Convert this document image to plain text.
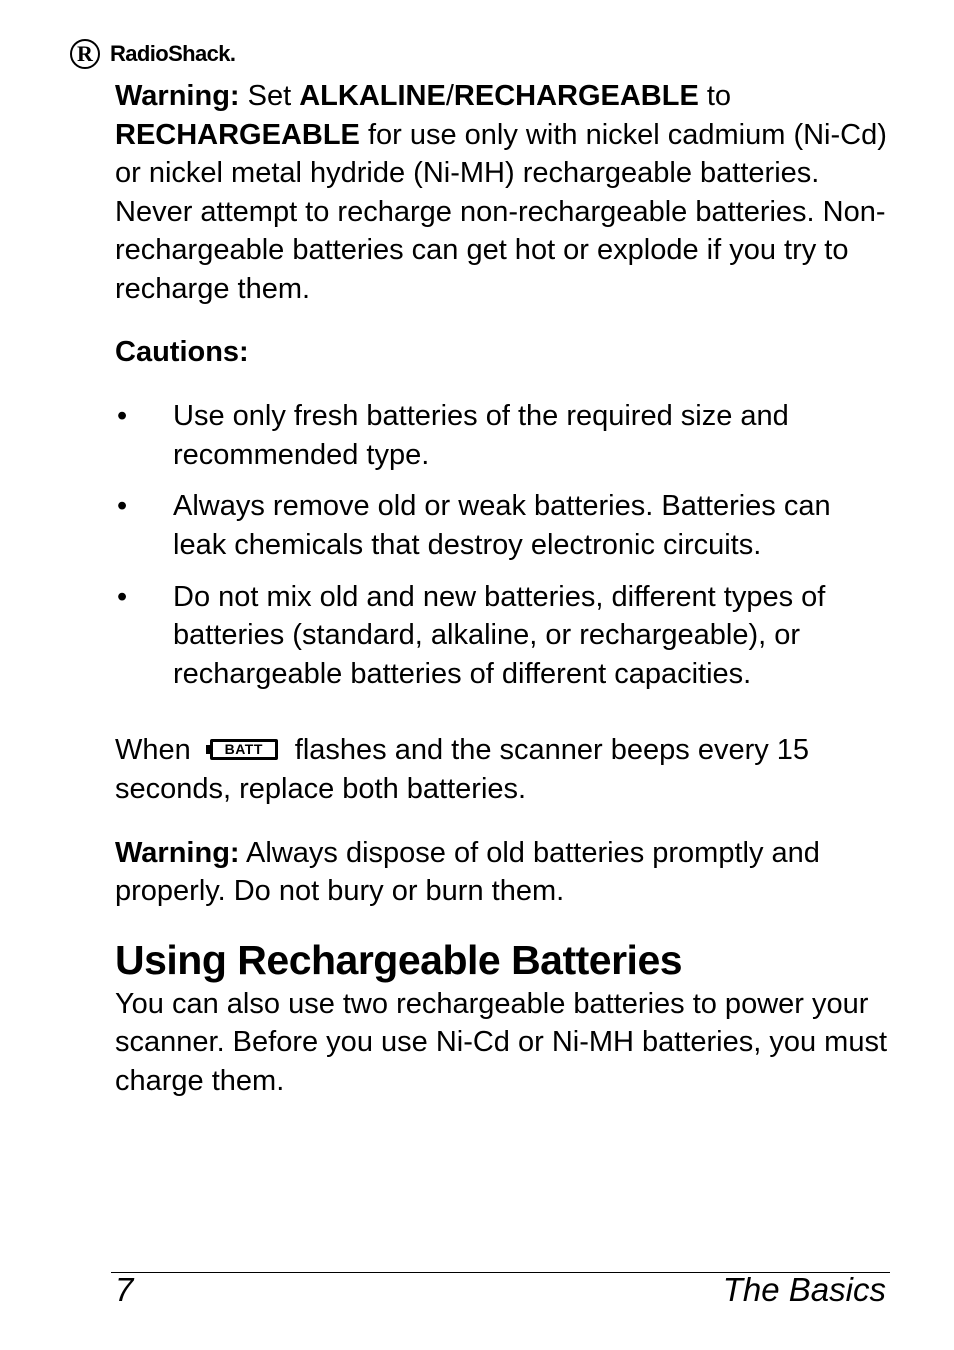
R RadioShack.

Warning: Set ALKALINE/RECHARGEABLE to RECHARGEABLE for use only with nickel cadmium (Ni-Cd) or nickel metal hydride (Ni-MH) rechargeable batteries. Never attempt to recharge non-rechargeable batteries. Non-rechargeable batteries can get hot or explode if you try to recharge them.

Cautions:

• Use only fresh batteries of the required size and recommended type.
• Always remove old or weak batteries. Batteries can leak chemicals that destroy electronic circuits.
• Do not mix old and new batteries, different types of batteries (standard, alkaline, or rechargeable), or rechargeable batteries of different capacities.

When	BATT	flashes and the scanner beeps every 15 seconds, replace both batteries.

Warning: Always dispose of old batteries promptly and properly. Do not bury or burn them.

Using Rechargeable Batteries

You can also use two rechargeable batteries to power your scanner. Before you use Ni-Cd or Ni-MH batteries, you must charge them.

7	The Basics
